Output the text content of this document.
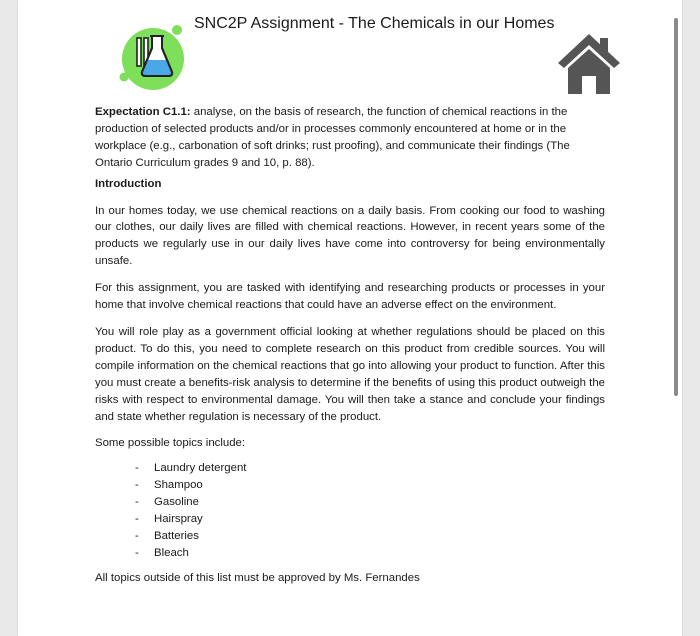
SNC2P Assignment - The Chemicals in our Homes

Expectation C1.1: analyse, on the basis of research, the function of chemical reactions in the production of selected products and/or in processes commonly encountered at home or in the workplace (e.g., carbonation of soft drinks; rust proofing), and communicate their findings (The Ontario Curriculum grades 9 and 10, p. 88).

Introduction

In our homes today, we use chemical reactions on a daily basis. From cooking our food to washing our clothes, our daily lives are filled with chemical reactions. However, in recent years some of the products we regularly use in our daily lives have come into controversy for being environmentally unsafe.

For this assignment, you are tasked with identifying and researching products or processes in your home that involve chemical reactions that could have an adverse effect on the environment.

You will role play as a government official looking at whether regulations should be placed on this product. To do this, you need to complete research on this product from credible sources. You will compile information on the chemical reactions that go into allowing your product to function. After this you must create a benefits-risk analysis to determine if the benefits of using this product outweigh the risks with respect to environmental damage. You will then take a stance and conclude your findings and state whether regulation is necessary of the product.

Some possible topics include:

- Laundry detergent
- Shampoo
- Gasoline
- Hairspray
- Batteries
- Bleach

All topics outside of this list must be approved by Ms. Fernandes
